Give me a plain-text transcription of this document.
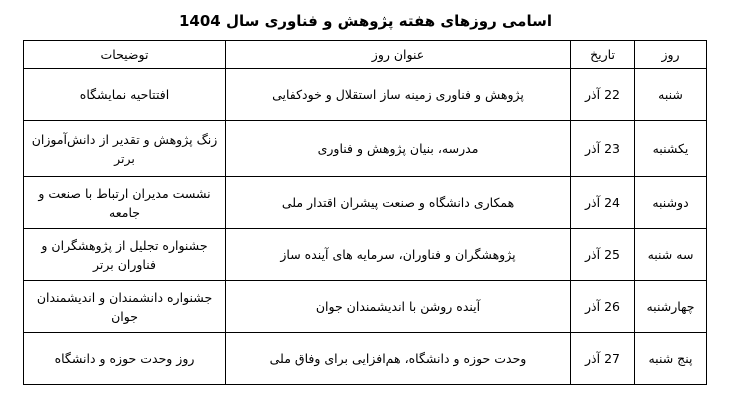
اسامی روزهای هفته پژوهش و فناوری سال 1404
روز	تاریخ	عنوان روز	توضیحات
شنبه	22 آذر	پژوهش و فناوری زمینه ساز استقلال و خودکفایی	افتتاحیه نمایشگاه
یکشنبه	23 آذر	مدرسه، بنیان پژوهش و فناوری	زنگ پژوهش و تقدیر از دانش‌آموزان برتر
دوشنبه	24 آذر	همکاری دانشگاه و صنعت پیشران اقتدار ملی	نشست مدیران ارتباط با صنعت و جامعه
سه شنبه	25 آذر	پژوهشگران و فناوران، سرمایه های آینده ساز	جشنواره تجلیل از پژوهشگران و فناوران برتر
چهارشنبه	26 آذر	آینده روشن با اندیشمندان جوان	جشنواره دانشمندان و اندیشمندان جوان
پنج شنبه	27 آذر	وحدت حوزه و دانشگاه، هم‌افزایی برای وفاق ملی	روز وحدت حوزه و دانشگاه
